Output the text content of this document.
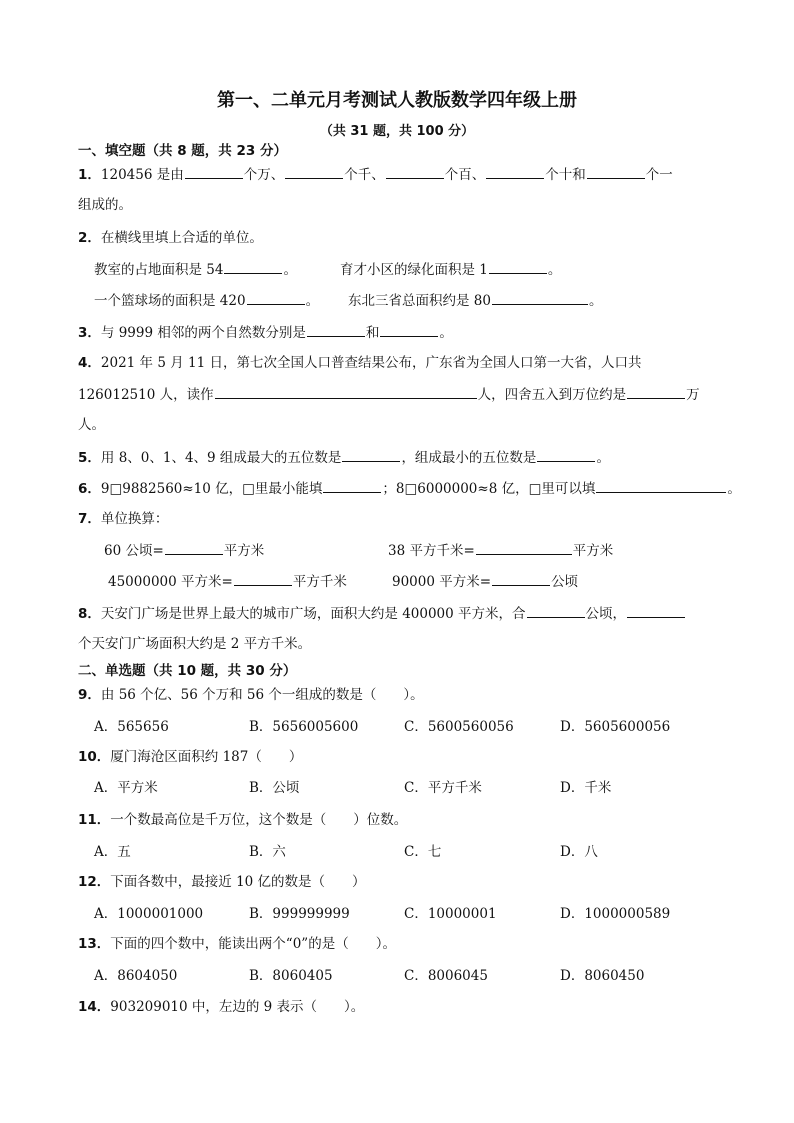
第一、二单元月考测试人教版数学四年级上册
（共 31 题，共 100 分）
一、填空题（共 8 题，共 23 分）
1．120456 是由	个万、	个千、	个百、	个十和	个一
组成的。
2．在横线里填上合适的单位。
教室的占地面积是 54	。	育才小区的绿化面积是 1	。
一个篮球场的面积是 420	。 东北三省总面积约是 80	。
3．与 9999 相邻的两个自然数分别是	和	。
4．2021 年 5 月 11 日，第七次全国人口普查结果公布，广东省为全国人口第一大省，人口共
126012510 人，读作	人，四舍五入到万位约是	万
人。
5．用 8、0、1、4、9 组成最大的五位数是	，组成最小的五位数是	。
6．9□9882560≈10 亿，□里最小能填	；8□6000000≈8 亿，□里可以填	。
7．单位换算：
60 公顷=	平方米	38 平方千米=	平方米
45000000 平方米=	平方千米	90000 平方米=	公顷
8．天安门广场是世界上最大的城市广场，面积大约是 400000 平方米，合	公顷，
个天安门广场面积大约是 2 平方千米。
二、单选题（共 10 题，共 30 分）
9．由 56 个亿、56 个万和 56 个一组成的数是（　　）。
A．565656	B．5656005600	C．5600560056	D．5605600056
10．厦门海沧区面积约 187（　　）
A．平方米	B．公顷	C．平方千米	D．千米
11．一个数最高位是千万位，这个数是（　　）位数。
A．五	B．六	C．七	D．八
12．下面各数中，最接近 10 亿的数是（　　）
A．1000001000	B．999999999	C．10000001	D．1000000589
13．下面的四个数中，能读出两个“0”的是（　　）。
A．8604050	B．8060405	C．8006045	D．8060450
14．903209010 中，左边的 9 表示（　　）。
